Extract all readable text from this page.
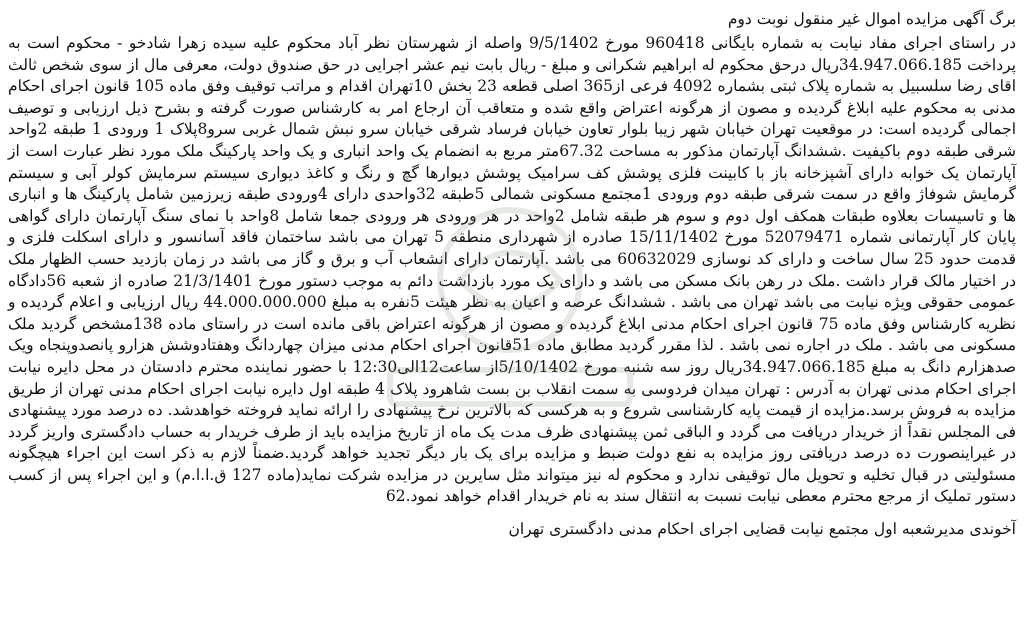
برگ آگهی مزایده اموال غیر منقول نوبت دوم

در راستای اجرای مفاد نیابت به شماره بایگانی 960418 مورخ 9/5/1402 واصله از شهرستان نظر آباد محکوم علیه سیده زهرا شادخو - محکوم است به پرداخت 34.947.066.185ریال درحق محکوم له ابراهیم شکرانی و مبلغ - ریال بابت نیم عشر اجرایی در حق صندوق دولت، معرفی مال از سوی شخص ثالث اقای رضا سلسبیل به شماره پلاک ثبتی بشماره 4092 فرعی از365 اصلی قطعه 23 بخش 10تهران اقدام و مراتب توقیف وفق ماده 105 قانون اجرای احکام مدنی به محکوم علیه ابلاغ گردیده و مصون از هرگونه اعتراض واقع شده و متعاقب آن ارجاع امر به کارشناس صورت گرفته و بشرح ذیل ارزیابی و توصیف اجمالی گردیده است: در موقعیت تهران خیابان شهر زیبا بلوار تعاون خیابان فرساد شرقی خیابان سرو نبش شمال غربی سرو8پلاک 1 ورودی 1 طبقه 2واحد شرقی طبقه دوم باکیفیت .ششدانگ آپارتمان مذکور به مساحت 67.32متر مربع به انضمام یک واحد انباری و یک واحد پارکینگ ملک مورد نظر عبارت است از آپارتمان یک خوابه دارای آشپزخانه باز با کابینت فلزی پوشش کف سرامیک پوشش دیوارها گچ و رنگ و کاغذ دیواری سیستم سرمایش کولر آبی و سیستم گرمایش شوفاژ واقع در سمت شرقی طبقه دوم ورودی 1مجتمع مسکونی شمالی 5طبقه 32واحدی دارای 4ورودی طبقه زیرزمین شامل پارکینگ ها و انباری ها و تاسیسات بعلاوه طبقات همکف اول دوم و سوم هر طبقه شامل 2واحد در هر ورودی هر ورودی جمعا شامل 8واحد با نمای سنگ آپارتمان دارای گواهی پایان کار آپارتمانی شماره 52079471 مورخ 15/11/1402 صادره از شهرداری منطقه 5 تهران می باشد ساختمان فاقد آسانسور و دارای اسکلت فلزی و قدمت حدود 25 سال ساخت و دارای کد نوسازی 60632029 می باشد .آپارتمان دارای انشعاب آب و برق و گاز می باشد در زمان بازدید حسب الظهار ملک در اختیار مالک قرار داشت .ملک در رهن بانک مسکن می باشد و دارای یک مورد بازداشت دائم به موجب دستور مورخ 21/3/1401 صادره از شعبه 56دادگاه عمومی حقوقی ویژه نیابت می باشد تهران می باشد . ششدانگ عرصه و اعیان به نظر هیئت 5نفره به مبلغ 44.000.000.000 ریال ارزیابی و اعلام گردیده و نظریه کارشناس وفق ماده 75 قانون اجرای احکام مدنی ابلاغ گردیده و مصون از هرگونه اعتراض باقی مانده است در راستای ماده 138مشخص گردید ملک مسکونی می باشد . ملک در اجاره نمی باشد . لذا مقرر گردید مطابق ماده 51قانون اجرای احکام مدنی میزان چهاردانگ وهفتادوشش هزارو پانصدوپنجاه ویک صدهزارم دانگ به مبلغ 34.947.066.185ریال روز سه شنبه مورخ 5/10/1402از ساعت12الی12:30 با حضور نماینده محترم دادستان در محل دایره نیابت اجرای احکام مدنی تهران به آدرس : تهران میدان فردوسی به سمت انقلاب بن بست شاهرود پلاک 4 طبقه اول دایره نیابت اجرای احکام مدنی تهران از طریق مزایده به فروش برسد.مزایده از قیمت پایه کارشناسی شروع و به هرکسی که بالاترین نرخ پیشنهادی را ارائه نماید فروخته خواهدشد. ده درصد مورد پیشنهادی فی المجلس نقداً از خریدار دریافت می گردد و الباقی ثمن پیشنهادی ظرف مدت یک ماه از تاریخ مزایده باید از طرف خریدار به حساب دادگستری واریز گردد در غیراینصورت ده درصد دریافتی روز مزایده به نفع دولت ضبط و مزایده برای یک بار دیگر تجدید خواهد گردید.ضمناً لازم به ذکر است این اجراء هیچگونه مسئولیتی در قبال تخلیه و تحویل مال توقیفی ندارد و محکوم له نیز میتواند مثل سایرین در مزایده شرکت نماید(ماده 127 ق.ا.ا.م) و این اجراء پس از کسب دستور تملیک از مرجع محترم معطی نیابت نسبت به انتقال سند به نام خریدار اقدام خواهد نمود.62

آخوندی مدیرشعبه اول مجتمع نیابت قضایی اجرای احکام مدنی دادگستری تهران
